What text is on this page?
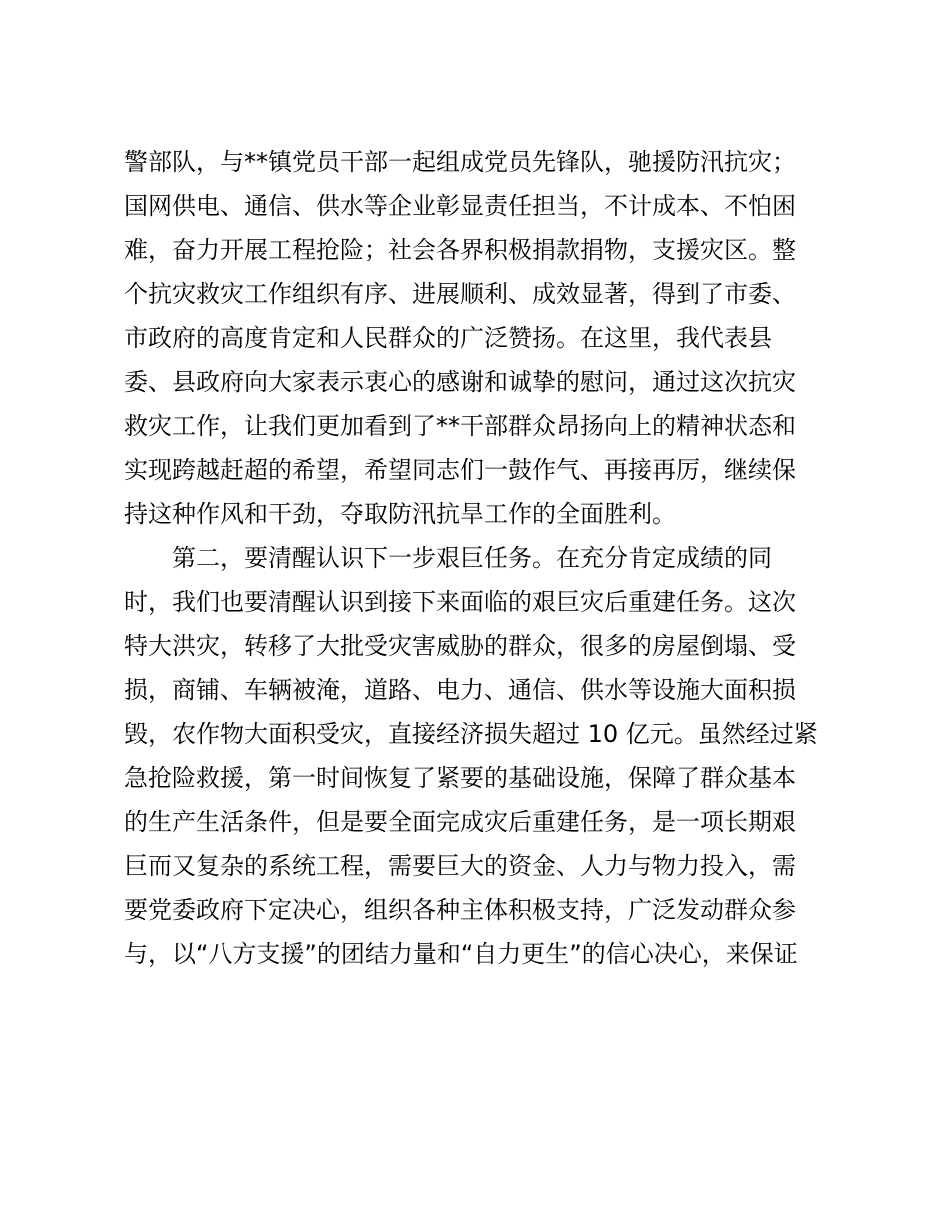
警部队，与**镇党员干部一起组成党员先锋队，驰援防汛抗灾；
国网供电、通信、供水等企业彰显责任担当，不计成本、不怕困
难，奋力开展工程抢险；社会各界积极捐款捐物，支援灾区。整
个抗灾救灾工作组织有序、进展顺利、成效显著，得到了市委、
市政府的高度肯定和人民群众的广泛赞扬。在这里，我代表县
委、县政府向大家表示衷心的感谢和诚挚的慰问，通过这次抗灾
救灾工作，让我们更加看到了**干部群众昂扬向上的精神状态和
实现跨越赶超的希望，希望同志们一鼓作气、再接再厉，继续保
持这种作风和干劲，夺取防汛抗旱工作的全面胜利。
第二，要清醒认识下一步艰巨任务。在充分肯定成绩的同
时，我们也要清醒认识到接下来面临的艰巨灾后重建任务。这次
特大洪灾，转移了大批受灾害威胁的群众，很多的房屋倒塌、受
损，商铺、车辆被淹，道路、电力、通信、供水等设施大面积损
毁，农作物大面积受灾，直接经济损失超过 10 亿元。虽然经过紧
急抢险救援，第一时间恢复了紧要的基础设施，保障了群众基本
的生产生活条件，但是要全面完成灾后重建任务，是一项长期艰
巨而又复杂的系统工程，需要巨大的资金、人力与物力投入，需
要党委政府下定决心，组织各种主体积极支持，广泛发动群众参
与，以“八方支援”的团结力量和“自力更生”的信心决心，来保证
